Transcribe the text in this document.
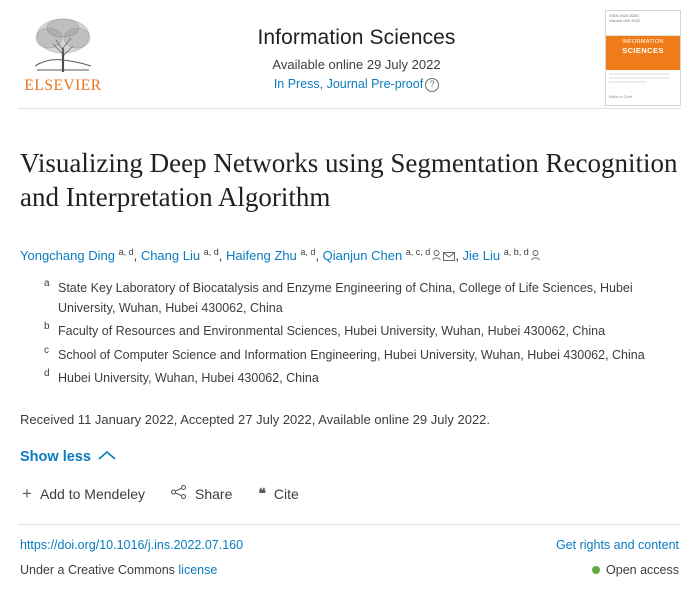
ELSEVIER
Information Sciences
Available online 29 July 2022
In Press, Journal Pre-proof ?
ISSN 0020-0255
Volume 000 2022
INFORMATION
SCIENCES
Editor-in-Chief
Visualizing Deep Networks using Segmentation Recognition and Interpretation Algorithm
Yongchang Ding $^{a, d}$, Chang Liu $^{a, d}$, Haifeng Zhu $^{a, d}$, Qianjun Chen $^{a, c, d}$ , Jie Liu $^{a, b, d}$
a State Key Laboratory of Biocatalysis and Enzyme Engineering of China, College of Life Sciences, Hubei University, Wuhan, Hubei 430062, China
b Faculty of Resources and Environmental Sciences, Hubei University, Wuhan, Hubei 430062, China
c School of Computer Science and Information Engineering, Hubei University, Wuhan, Hubei 430062, China
d Hubei University, Wuhan, Hubei 430062, China
Received 11 January 2022, Accepted 27 July 2022, Available online 29 July 2022.
Show less
+ Add to Mendeley	Share ❝ Cite
https://doi.org/10.1016/j.ins.2022.07.160	Get rights and content
Under a Creative Commons license	Open access
